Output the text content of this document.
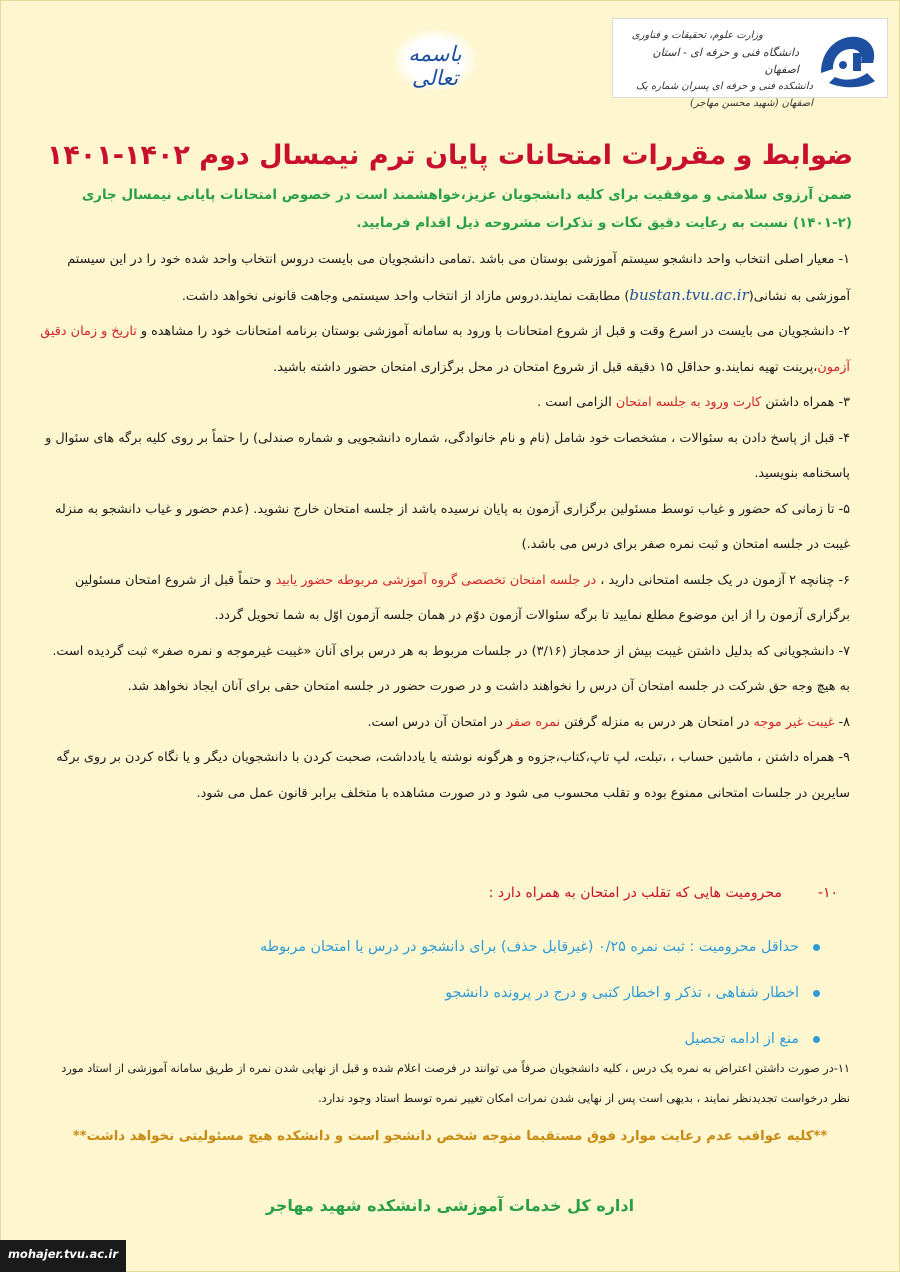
وزارت علوم، تحقیقات و فناوری
دانشگاه فنی و حرفه ای - استان اصفهان
دانشکده فنی و حرفه ای پسران شماره یک اصفهان (شهید محسن مهاجر)
باسمه تعالی
ضوابط و مقررات امتحانات پایان ترم نیمسال دوم ۱۴۰۲-۱۴۰۱

ضمن آرزوی سلامتی و موفقیت برای کلیه دانشجویان عزیز،خواهشمند است در خصوص امتحانات پایانی نیمسال جاری (۲-۱۴۰۱) نسبت به رعایت دقیق نکات و تذکرات مشروحه ذیل اقدام فرمایید.

۱- معیار اصلی انتخاب واحد دانشجو سیستم آموزشی بوستان می باشد .تمامی دانشجویان می بایست دروس انتخاب واحد شده خود را در این سیستم آموزشی به نشانی(bustan.tvu.ac.ir) مطابقت نمایند.دروس مازاد از انتخاب واحد سیستمی وجاهت قانونی نخواهد داشت.

۲- دانشجویان می بایست در اسرع وقت و قبل از شروع امتحانات با ورود به سامانه آموزشی بوستان برنامه امتحانات خود را مشاهده و تاریخ و زمان دقیق آزمون،پرینت تهیه نمایند.و حداقل ۱۵ دقیقه قبل از شروع امتحان در محل برگزاری امتحان حضور داشته باشید.

۳- همراه داشتن کارت ورود به جلسه امتحان الزامی است .

۴- قبل از پاسخ دادن به سئوالات ، مشخصات خود شامل (نام و نام خانوادگی، شماره دانشجویی و شماره صندلی) را حتماً بر روی کلیه برگه های سئوال و پاسخنامه بنویسید.

۵- تا زمانی که حضور و غیاب توسط مسئولین برگزاری آزمون به پایان نرسیده باشد از جلسه امتحان خارج نشوید. (عدم حضور و غیاب دانشجو به منزله غیبت در جلسه امتحان و ثبت نمره صفر برای درس می باشد.)

۶- چنانچه ۲ آزمون در یک جلسه امتحانی دارید ، در جلسه امتحان تخصصی گروه آموزشی مربوطه حضور یابید و حتماً قبل از شروع امتحان مسئولین برگزاری آزمون را از این موضوع مطلع نمایید تا برگه سئوالات آزمون دوّم در همان جلسه آزمون اوّل به شما تحویل گردد.

۷- دانشجویانی که بدلیل داشتن غیبت بیش از حدمجاز (۳/۱۶) در جلسات مربوط به هر درس برای آنان «غیبت غیرموجه و نمره صفر» ثبت گردیده است. به هیچ وجه حق شرکت در جلسه امتحان آن درس را نخواهند داشت و در صورت حضور در جلسه امتحان حقی برای آنان ایجاد نخواهد شد.

۸- غیبت غیر موجه در امتحان هر درس به منزله گرفتن نمره صفر در امتحان آن درس است.

۹- همراه داشتن ، ماشین حساب ، ،تبلت، لپ تاپ،کتاب،جزوه و هرگونه نوشته یا یادداشت، صحبت کردن با دانشجویان دیگر و یا نگاه کردن بر روی برگه سایرین در جلسات امتحانی ممنوع بوده و تقلب محسوب می شود و در صورت مشاهده با متخلف برابر قانون عمل می شود.

۱۰-محرومیت هایی که تقلب در امتحان به همراه دارد :

حداقل محرومیت : ثبت نمره ۰/۲۵ (غیرقابل حذف) برای دانشجو در درس یا امتحان مربوطه
اخطار شفاهی ، تذکر و اخطار کتبی و درج در پرونده دانشجو
منع از ادامه تحصیل

۱۱-در صورت داشتن اعتراض به نمره یک درس ، کلیه دانشجویان صرفاً می توانند در فرصت اعلام شده و قبل از نهایی شدن نمره از طریق سامانه آموزشی از استاد مورد نظر درخواست تجدیدنظر نمایند ، بدیهی است پس از نهایی شدن نمرات امکان تغییر نمره توسط استاد وجود ندارد.

**کلیه عواقب عدم رعایت موارد فوق مستقیما متوجه شخص دانشجو است و دانشکده هیچ مسئولیتی نخواهد داشت**

اداره کل خدمات آموزشی دانشکده شهید مهاجر

mohajer.tvu.ac.ir
